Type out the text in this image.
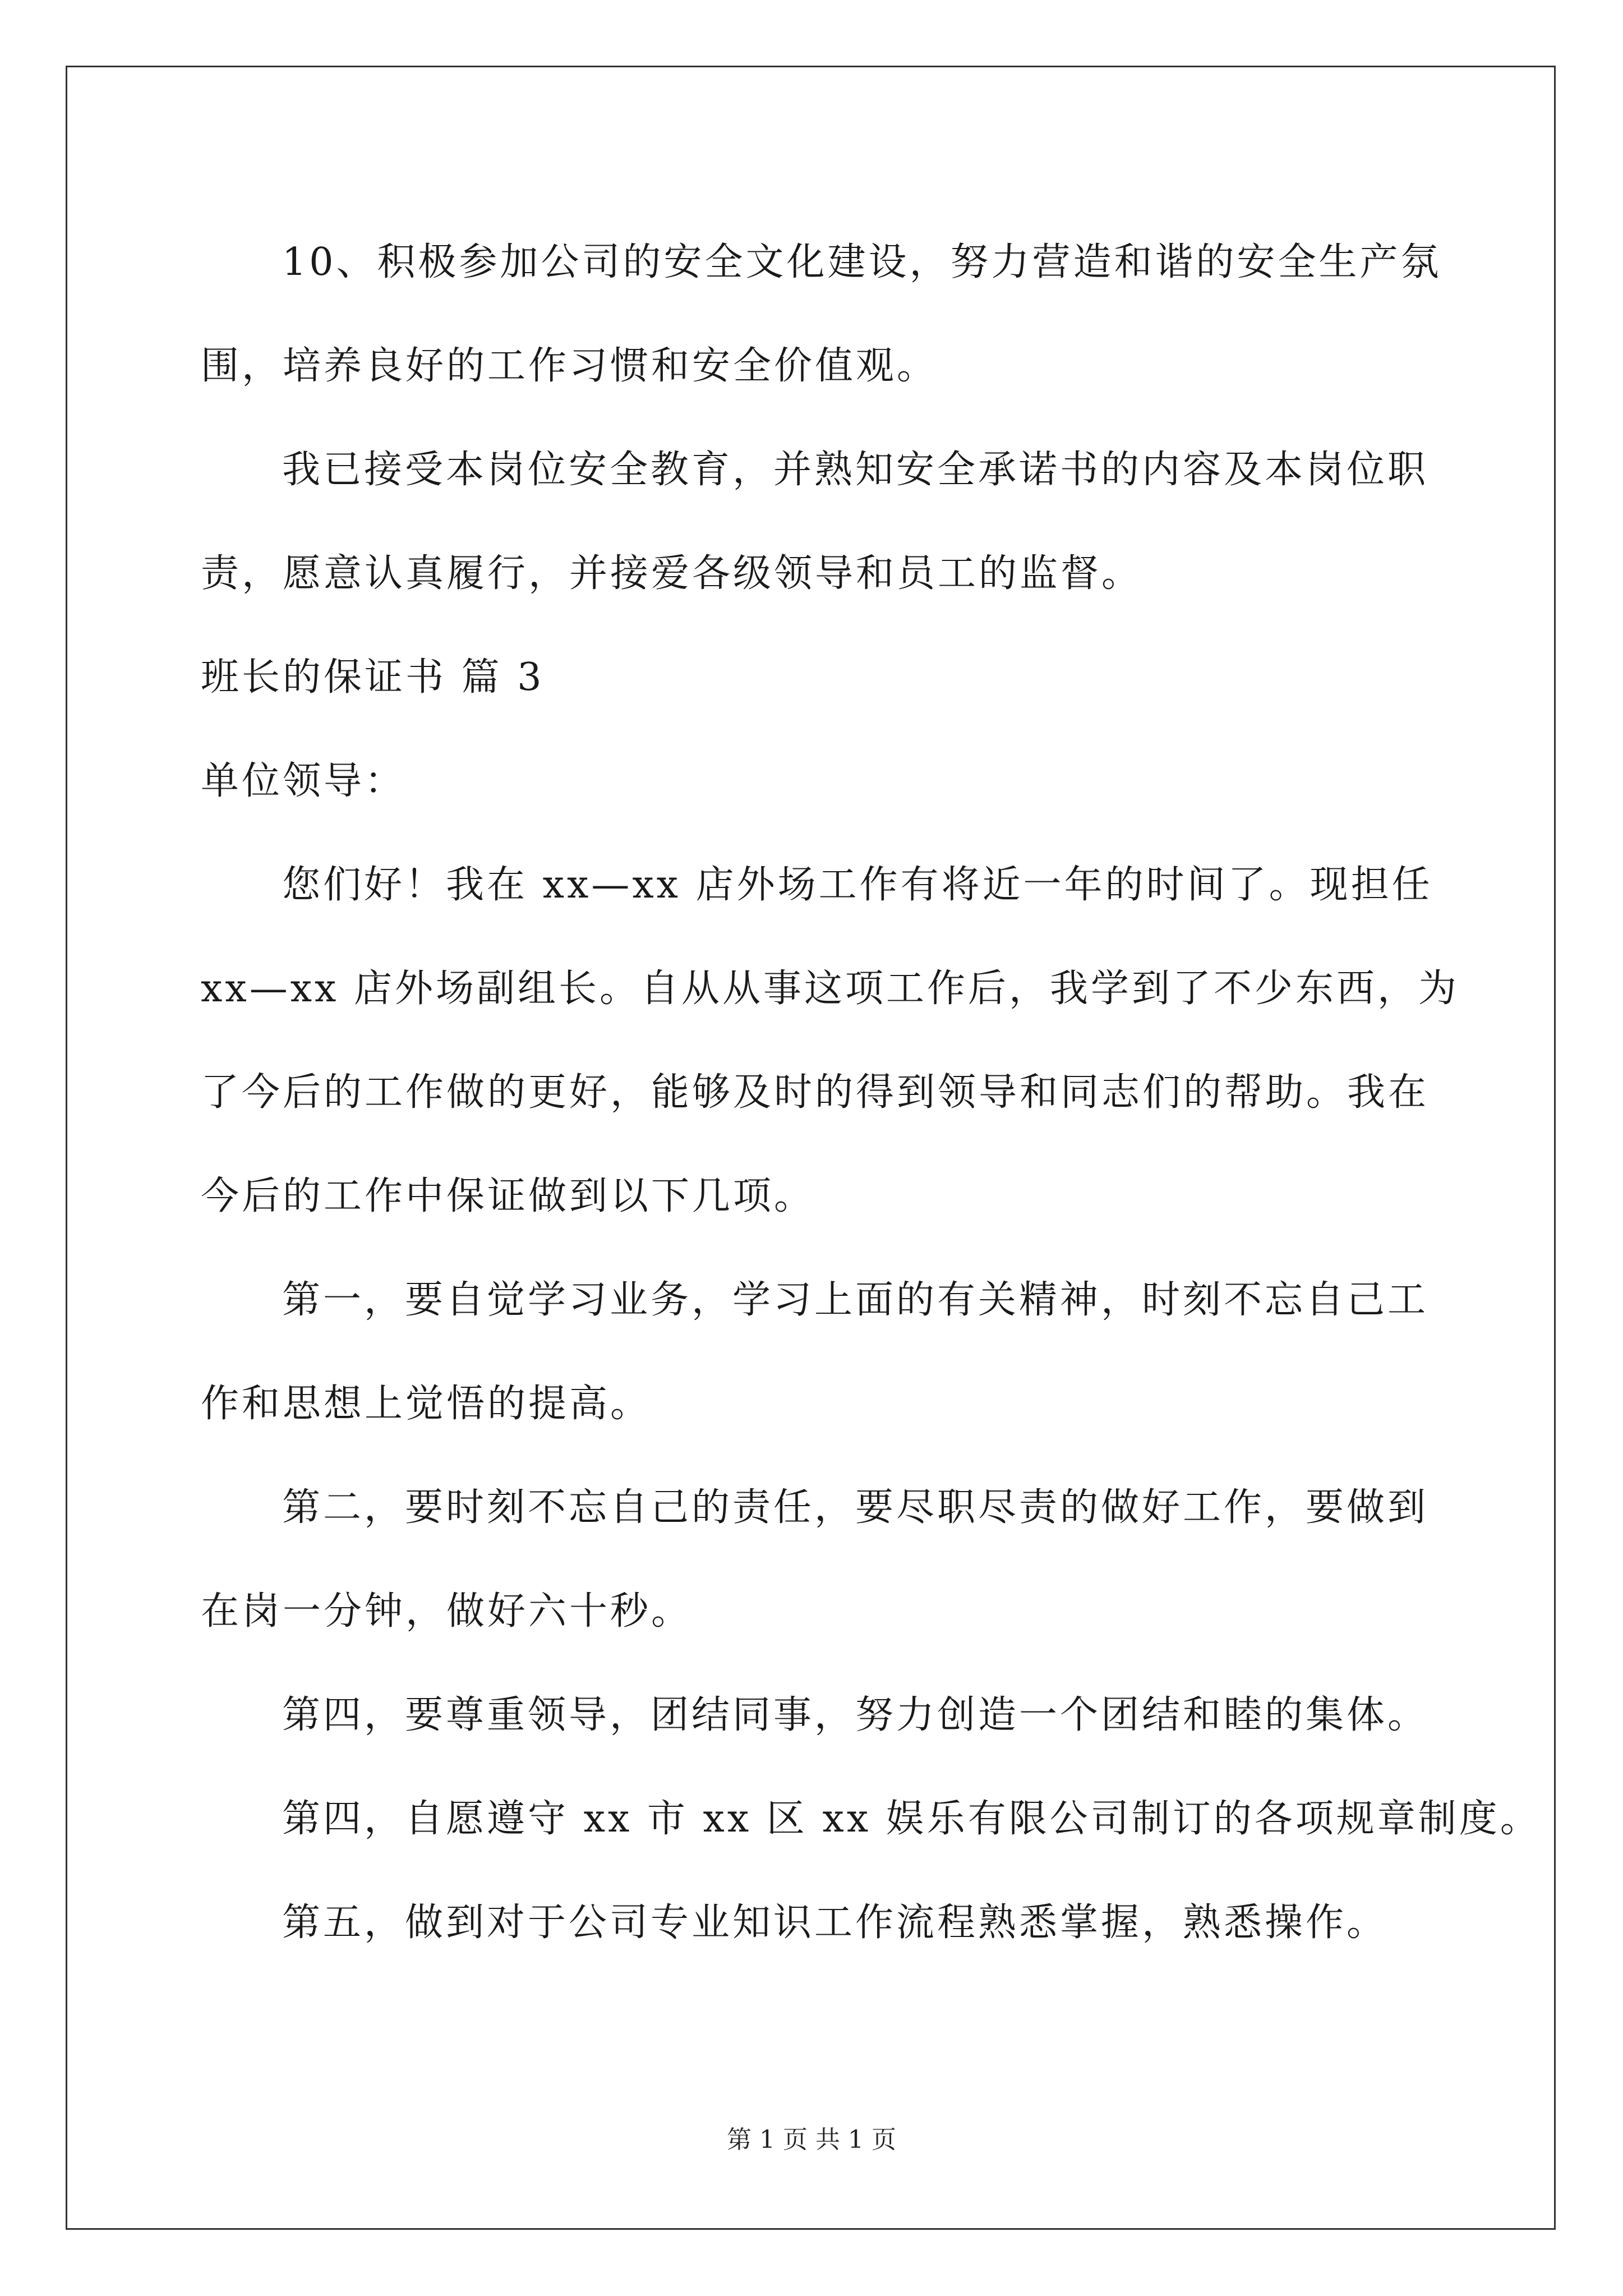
10、积极参加公司的安全文化建设，努力营造和谐的安全生产氛
围，培养良好的工作习惯和安全价值观。
我已接受本岗位安全教育，并熟知安全承诺书的内容及本岗位职
责，愿意认真履行，并接爱各级领导和员工的监督。
班长的保证书 篇 3
单位领导：
您们好！我在 xx—xx 店外场工作有将近一年的时间了。现担任
xx—xx 店外场副组长。自从从事这项工作后，我学到了不少东西，为
了今后的工作做的更好，能够及时的得到领导和同志们的帮助。我在
今后的工作中保证做到以下几项。
第一，要自觉学习业务，学习上面的有关精神，时刻不忘自己工
作和思想上觉悟的提高。
第二，要时刻不忘自己的责任，要尽职尽责的做好工作，要做到
在岗一分钟，做好六十秒。
第四，要尊重领导，团结同事，努力创造一个团结和睦的集体。
第四，自愿遵守 xx 市 xx 区 xx 娱乐有限公司制订的各项规章制度。
第五，做到对于公司专业知识工作流程熟悉掌握，熟悉操作。
第 1 页 共 1 页
